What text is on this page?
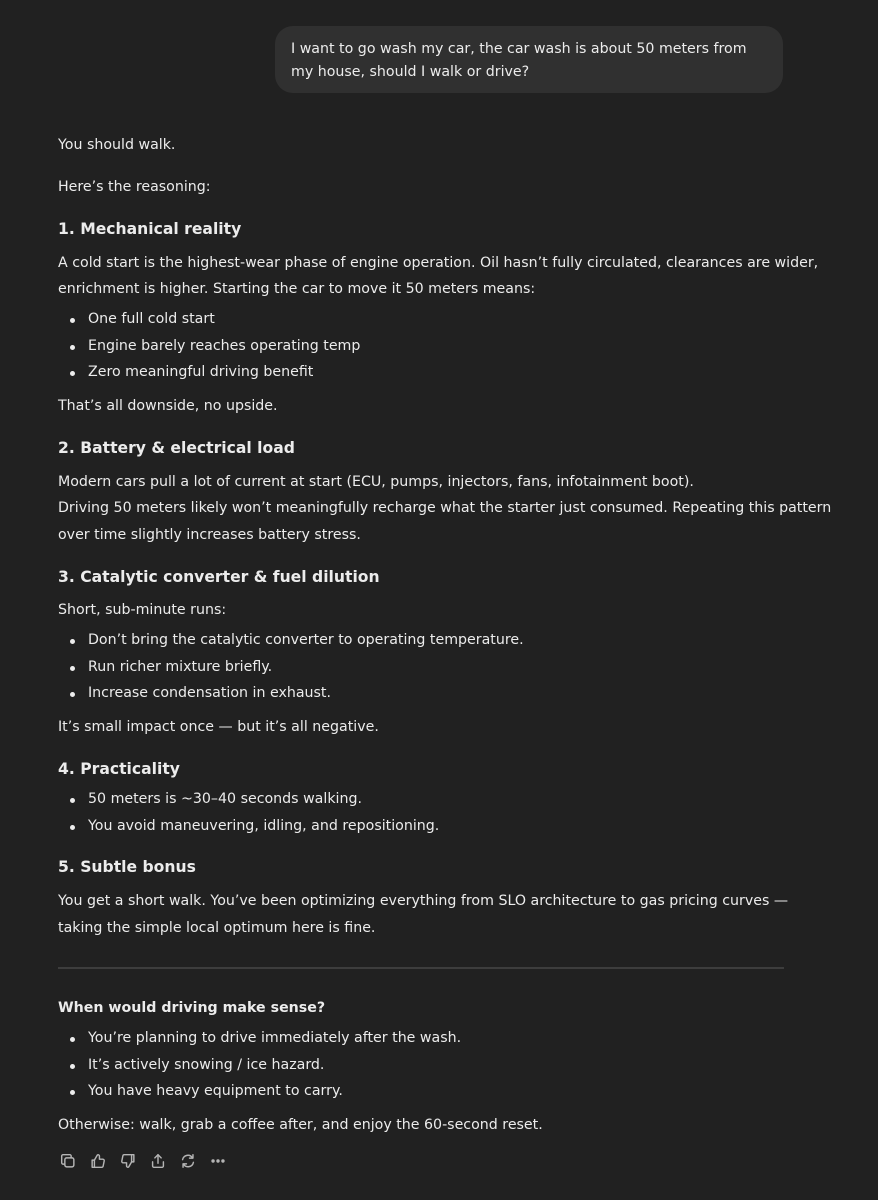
I want to go wash my car, the car wash is about 50 meters from my house, should I walk or drive?
You should walk.
Here’s the reasoning:
1. Mechanical reality
A cold start is the highest-wear phase of engine operation. Oil hasn’t fully circulated, clearances are wider,
enrichment is higher. Starting the car to move it 50 meters means:
One full cold start
Engine barely reaches operating temp
Zero meaningful driving benefit
That’s all downside, no upside.
2. Battery & electrical load
Modern cars pull a lot of current at start (ECU, pumps, injectors, fans, infotainment boot).
Driving 50 meters likely won’t meaningfully recharge what the starter just consumed. Repeating this pattern
over time slightly increases battery stress.
3. Catalytic converter & fuel dilution
Short, sub-minute runs:
Don’t bring the catalytic converter to operating temperature.
Run richer mixture briefly.
Increase condensation in exhaust.
It’s small impact once — but it’s all negative.
4. Practicality
50 meters is ~30–40 seconds walking.
You avoid maneuvering, idling, and repositioning.
5. Subtle bonus
You get a short walk. You’ve been optimizing everything from SLO architecture to gas pricing curves —
taking the simple local optimum here is fine.
When would driving make sense?
You’re planning to drive immediately after the wash.
It’s actively snowing / ice hazard.
You have heavy equipment to carry.
Otherwise: walk, grab a coffee after, and enjoy the 60-second reset.
